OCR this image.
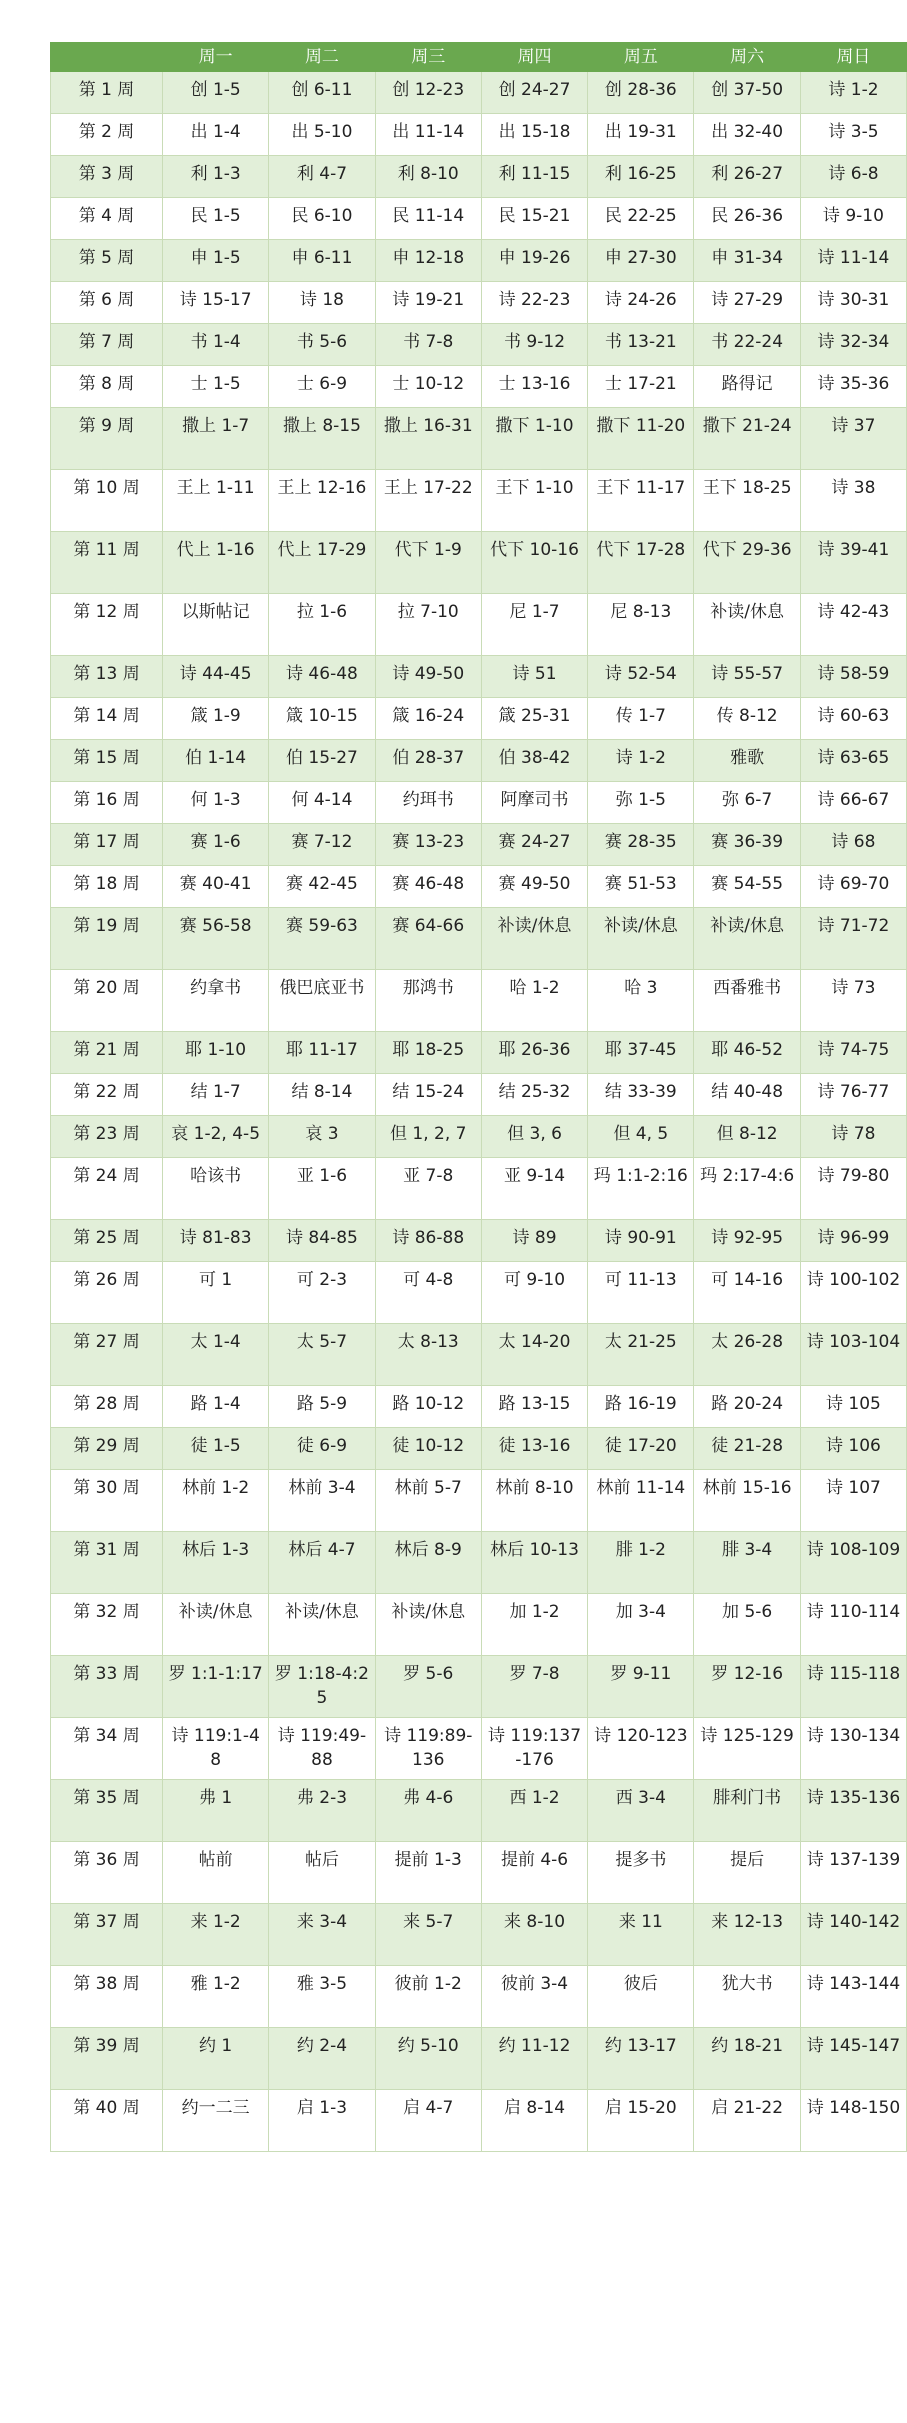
	周一	周二	周三	周四	周五	周六	周日
第 1 周	创 1-5	创 6-11	创 12-23	创 24-27	创 28-36	创 37-50	诗 1-2
第 2 周	出 1-4	出 5-10	出 11-14	出 15-18	出 19-31	出 32-40	诗 3-5
第 3 周	利 1-3	利 4-7	利 8-10	利 11-15	利 16-25	利 26-27	诗 6-8
第 4 周	民 1-5	民 6-10	民 11-14	民 15-21	民 22-25	民 26-36	诗 9-10
第 5 周	申 1-5	申 6-11	申 12-18	申 19-26	申 27-30	申 31-34	诗 11-14
第 6 周	诗 15-17	诗 18	诗 19-21	诗 22-23	诗 24-26	诗 27-29	诗 30-31
第 7 周	书 1-4	书 5-6	书 7-8	书 9-12	书 13-21	书 22-24	诗 32-34
第 8 周	士 1-5	士 6-9	士 10-12	士 13-16	士 17-21	路得记	诗 35-36
第 9 周	撒上 1-7	撒上 8-15	撒上 16-31	撒下 1-10	撒下 11-20	撒下 21-24	诗 37
第 10 周	王上 1-11	王上 12-16	王上 17-22	王下 1-10	王下 11-17	王下 18-25	诗 38
第 11 周	代上 1-16	代上 17-29	代下 1-9	代下 10-16	代下 17-28	代下 29-36	诗 39-41
第 12 周	以斯帖记	拉 1-6	拉 7-10	尼 1-7	尼 8-13	补读/休息	诗 42-43
第 13 周	诗 44-45	诗 46-48	诗 49-50	诗 51	诗 52-54	诗 55-57	诗 58-59
第 14 周	箴 1-9	箴 10-15	箴 16-24	箴 25-31	传 1-7	传 8-12	诗 60-63
第 15 周	伯 1-14	伯 15-27	伯 28-37	伯 38-42	诗 1-2	雅歌	诗 63-65
第 16 周	何 1-3	何 4-14	约珥书	阿摩司书	弥 1-5	弥 6-7	诗 66-67
第 17 周	赛 1-6	赛 7-12	赛 13-23	赛 24-27	赛 28-35	赛 36-39	诗 68
第 18 周	赛 40-41	赛 42-45	赛 46-48	赛 49-50	赛 51-53	赛 54-55	诗 69-70
第 19 周	赛 56-58	赛 59-63	赛 64-66	补读/休息	补读/休息	补读/休息	诗 71-72
第 20 周	约拿书	俄巴底亚书	那鸿书	哈 1-2	哈 3	西番雅书	诗 73
第 21 周	耶 1-10	耶 11-17	耶 18-25	耶 26-36	耶 37-45	耶 46-52	诗 74-75
第 22 周	结 1-7	结 8-14	结 15-24	结 25-32	结 33-39	结 40-48	诗 76-77
第 23 周	哀 1-2, 4-5	哀 3	但 1, 2, 7	但 3, 6	但 4, 5	但 8-12	诗 78
第 24 周	哈该书	亚 1-6	亚 7-8	亚 9-14	玛 1:1-2:16	玛 2:17-4:6	诗 79-80
第 25 周	诗 81-83	诗 84-85	诗 86-88	诗 89	诗 90-91	诗 92-95	诗 96-99
第 26 周	可 1	可 2-3	可 4-8	可 9-10	可 11-13	可 14-16	诗 100-102
第 27 周	太 1-4	太 5-7	太 8-13	太 14-20	太 21-25	太 26-28	诗 103-104
第 28 周	路 1-4	路 5-9	路 10-12	路 13-15	路 16-19	路 20-24	诗 105
第 29 周	徒 1-5	徒 6-9	徒 10-12	徒 13-16	徒 17-20	徒 21-28	诗 106
第 30 周	林前 1-2	林前 3-4	林前 5-7	林前 8-10	林前 11-14	林前 15-16	诗 107
第 31 周	林后 1-3	林后 4-7	林后 8-9	林后 10-13	腓 1-2	腓 3-4	诗 108-109
第 32 周	补读/休息	补读/休息	补读/休息	加 1-2	加 3-4	加 5-6	诗 110-114
第 33 周	罗 1:1-1:17	罗 1:18-4:25	罗 5-6	罗 7-8	罗 9-11	罗 12-16	诗 115-118
第 34 周	诗 119:1-48	诗 119:49-88	诗 119:89-136	诗 119:137-176	诗 120-123	诗 125-129	诗 130-134
第 35 周	弗 1	弗 2-3	弗 4-6	西 1-2	西 3-4	腓利门书	诗 135-136
第 36 周	帖前	帖后	提前 1-3	提前 4-6	提多书	提后	诗 137-139
第 37 周	来 1-2	来 3-4	来 5-7	来 8-10	来 11	来 12-13	诗 140-142
第 38 周	雅 1-2	雅 3-5	彼前 1-2	彼前 3-4	彼后	犹大书	诗 143-144
第 39 周	约 1	约 2-4	约 5-10	约 11-12	约 13-17	约 18-21	诗 145-147
第 40 周	约一二三	启 1-3	启 4-7	启 8-14	启 15-20	启 21-22	诗 148-150
